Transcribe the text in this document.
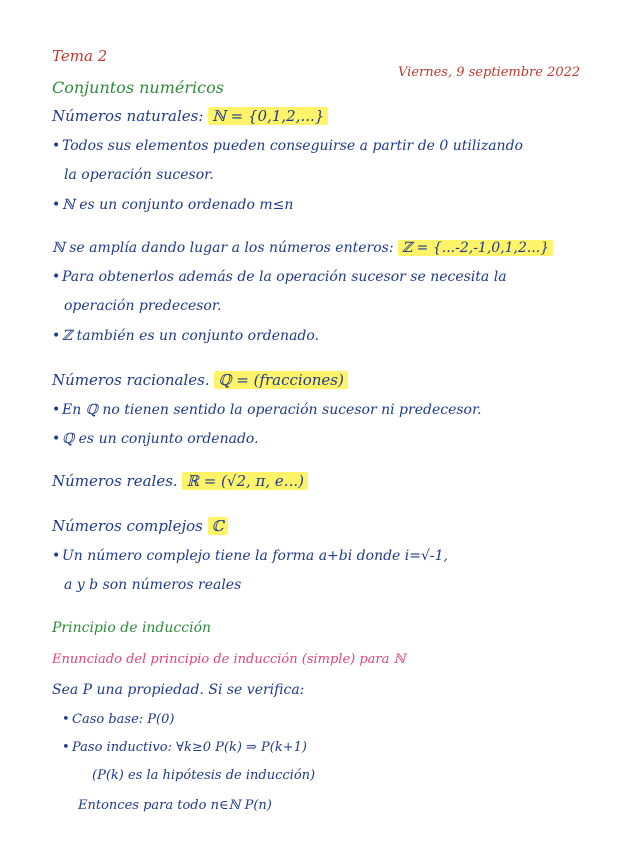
Tema 2
Viernes, 9 septiembre 2022
Conjuntos numéricos
Números naturales: ℕ = {0,1,2,...}
• Todos sus elementos pueden conseguirse a partir de 0 utilizando
la operación sucesor.
• ℕ es un conjunto ordenado m≤n
ℕ se amplía dando lugar a los números enteros: ℤ = {...-2,-1,0,1,2...}
• Para obtenerlos además de la operación sucesor se necesita la
operación predecesor.
• ℤ también es un conjunto ordenado.
Números racionales. ℚ = (fracciones)
• En ℚ no tienen sentido la operación sucesor ni predecesor.
• ℚ es un conjunto ordenado.
Números reales. ℝ = (√2, π, e...)
Números complejos ℂ
• Un número complejo tiene la forma a+bi donde i=√-1,
a y b son números reales
Principio de inducción
Enunciado del principio de inducción (simple) para ℕ
Sea P una propiedad. Si se verifica:
• Caso base: P(0)
• Paso inductivo: ∀k≥0 P(k) ⇒ P(k+1)
(P(k) es la hipótesis de inducción)
Entonces para todo n∈ℕ P(n)
